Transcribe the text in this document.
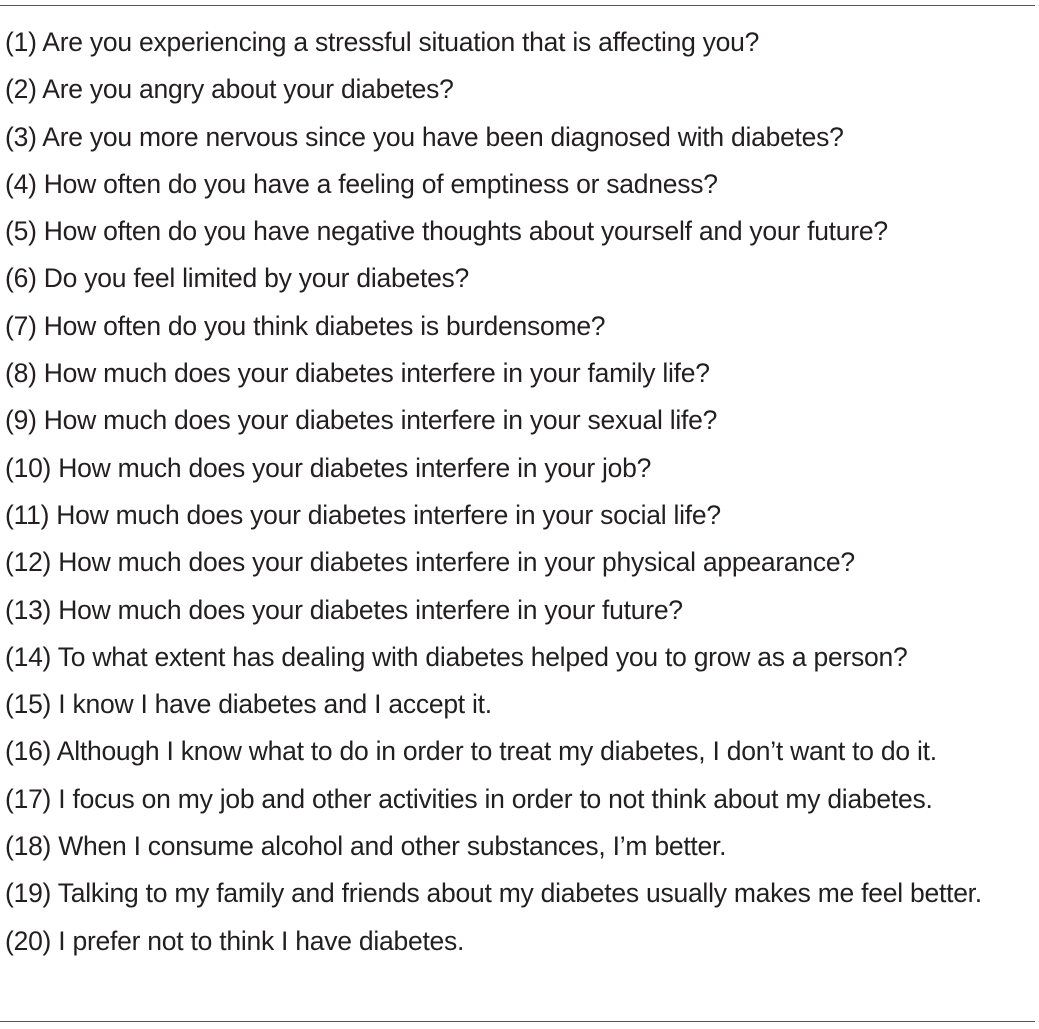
(1) Are you experiencing a stressful situation that is affecting you?
(2) Are you angry about your diabetes?
(3) Are you more nervous since you have been diagnosed with diabetes?
(4) How often do you have a feeling of emptiness or sadness?
(5) How often do you have negative thoughts about yourself and your future?
(6) Do you feel limited by your diabetes?
(7) How often do you think diabetes is burdensome?
(8) How much does your diabetes interfere in your family life?
(9) How much does your diabetes interfere in your sexual life?
(10) How much does your diabetes interfere in your job?
(11) How much does your diabetes interfere in your social life?
(12) How much does your diabetes interfere in your physical appearance?
(13) How much does your diabetes interfere in your future?
(14) To what extent has dealing with diabetes helped you to grow as a person?
(15) I know I have diabetes and I accept it.
(16) Although I know what to do in order to treat my diabetes, I don’t want to do it.
(17) I focus on my job and other activities in order to not think about my diabetes.
(18) When I consume alcohol and other substances, I’m better.
(19) Talking to my family and friends about my diabetes usually makes me feel better.
(20) I prefer not to think I have diabetes.
